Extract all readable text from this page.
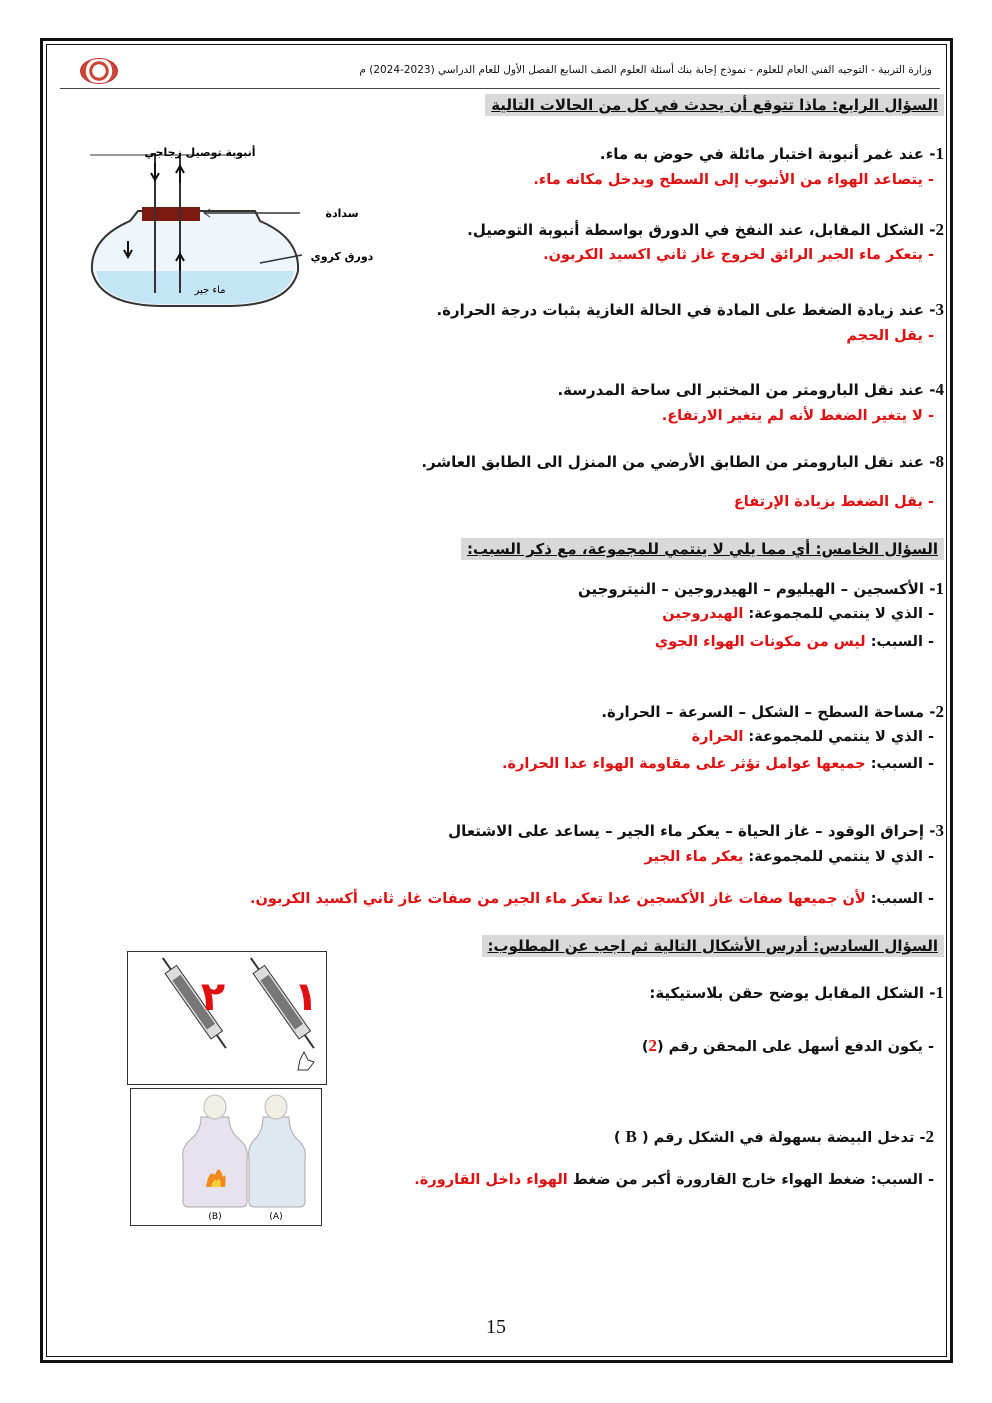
وزارة التربية - التوجيه الفني العام للعلوم - نموذج إجابة بنك أسئلة العلوم الصف السابع الفصل الأول للعام الدراسي (2023-2024) م
السؤال الرابع: ماذا تتوقع أن يحدث في كل من الحالات التالية
أنبوبة توصيل زجاجي
سدادة
دورق كروي
ماء جير
1- عند غمر أنبوبة اختبار مائلة في حوض به ماء.
- يتصاعد الهواء من الأنبوب إلى السطح ويدخل مكانه ماء.
2- الشكل المقابل، عند النفخ في الدورق بواسطة أنبوبة التوصيل.
- يتعكر ماء الجير الرائق لخروج غاز ثاني اكسيد الكربون.
3- عند زيادة الضغط على المادة في الحالة الغازية بثبات درجة الحرارة.
- يقل الحجم
4- عند نقل البارومتر من المختبر الى ساحة المدرسة.
- لا يتغير الضغط لأنه لم يتغير الارتفاع.
8- عند نقل البارومتر من الطابق الأرضي من المنزل الى الطابق العاشر.
- يقل الضغط بزيادة الإرتفاع
السؤال الخامس: أي مما يلي لا ينتمي للمجموعة، مع ذكر السبب:
1- الأكسجين – الهيليوم – الهيدروجين – النيتروجين
- الذي لا ينتمي للمجموعة: الهيدروجين
- السبب: ليس من مكونات الهواء الجوي
2- مساحة السطح – الشكل – السرعة – الحرارة.
- الذي لا ينتمي للمجموعة: الحرارة
- السبب: جميعها عوامل تؤثر على مقاومة الهواء عدا الحرارة.
3- إحراق الوقود – غاز الحياة – يعكر ماء الجير – يساعد على الاشتعال
- الذي لا ينتمي للمجموعة: يعكر ماء الجير
- السبب: لأن جميعها صفات غاز الأكسجين عدا تعكر ماء الجير من صفات غاز ثاني أكسيد الكربون.
السؤال السادس: أدرس الأشكال التالية ثم اجب عن المطلوب:
٢ ١
(B)	(A)
1- الشكل المقابل يوضح حقن بلاستيكية:
- يكون الدفع أسهل على المحقن رقم (2)
2- تدخل البيضة بسهولة في الشكل رقم ( B )
- السبب: ضغط الهواء خارج القارورة أكبر من ضغط الهواء داخل القارورة.
15
